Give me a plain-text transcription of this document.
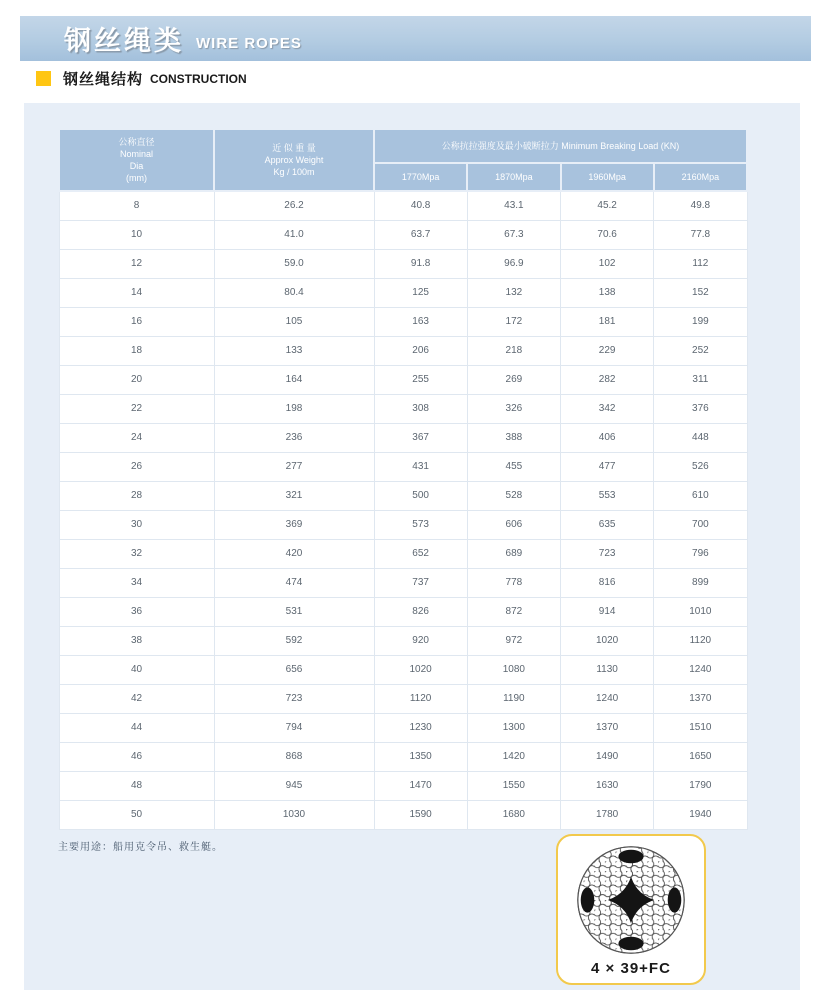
钢丝绳类 WIRE ROPES
钢丝绳结构 CONSTRUCTION
公称直径
Nominal
Dia
(mm)	近 似 重 量
Approx Weight
Kg / 100m	公称抗拉强度及最小破断拉力 Minimum Breaking Load (KN)			
		1770Mpa	1870Mpa	1960Mpa	2160Mpa
8	26.2	40.8	43.1	45.2	49.8
10	41.0	63.7	67.3	70.6	77.8
12	59.0	91.8	96.9	102	112
14	80.4	125	132	138	152
16	105	163	172	181	199
18	133	206	218	229	252
20	164	255	269	282	311
22	198	308	326	342	376
24	236	367	388	406	448
26	277	431	455	477	526
28	321	500	528	553	610
30	369	573	606	635	700
32	420	652	689	723	796
34	474	737	778	816	899
36	531	826	872	914	1010
38	592	920	972	1020	1120
40	656	1020	1080	1130	1240
42	723	1120	1190	1240	1370
44	794	1230	1300	1370	1510
46	868	1350	1420	1490	1650
48	945	1470	1550	1630	1790
50	1030	1590	1680	1780	1940
主要用途：船用克令吊、救生艇。
4 × 39+FC
